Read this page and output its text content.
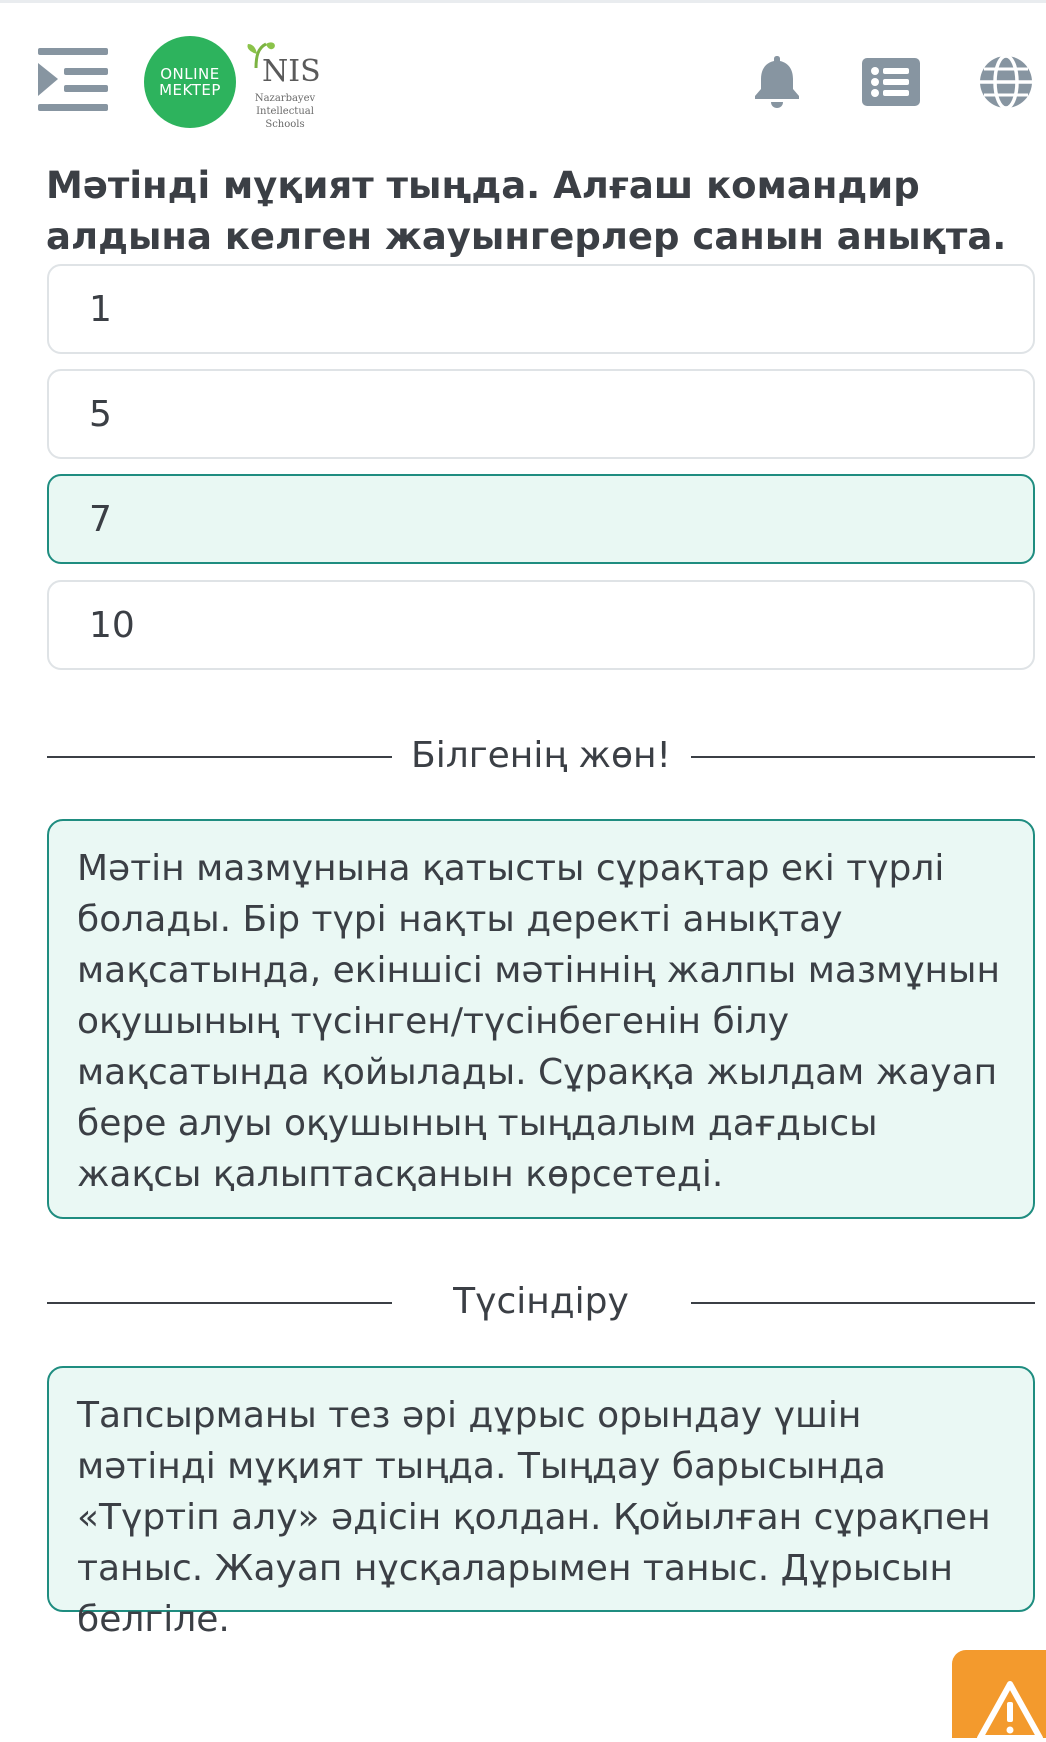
ONLINE
MEKTEP
NIS
Nazarbayev
Intellectual
Schools
Мәтінді мұқият тыңда. Алғаш командир алдына келген жауынгерлер санын анықта.
1
5
7
10
Білгенің жөн!
Мәтін мазмұнына қатысты сұрақтар екі түрлі болады. Бір түрі нақты деректі анықтау мақсатында, екіншісі мәтіннің жалпы мазмұнын оқушының түсінген/түсінбегенін білу мақсатында қойылады. Сұраққа жылдам жауап бере алуы оқушының тыңдалым дағдысы жақсы қалыптасқанын көрсетеді.
Түсіндіру
Тапсырманы тез әрі дұрыс орындау үшін мәтінді мұқият тыңда. Тыңдау барысында «Түртіп алу» әдісін қолдан. Қойылған сұрақпен таныс. Жауап нұсқаларымен таныс. Дұрысын белгіле.
